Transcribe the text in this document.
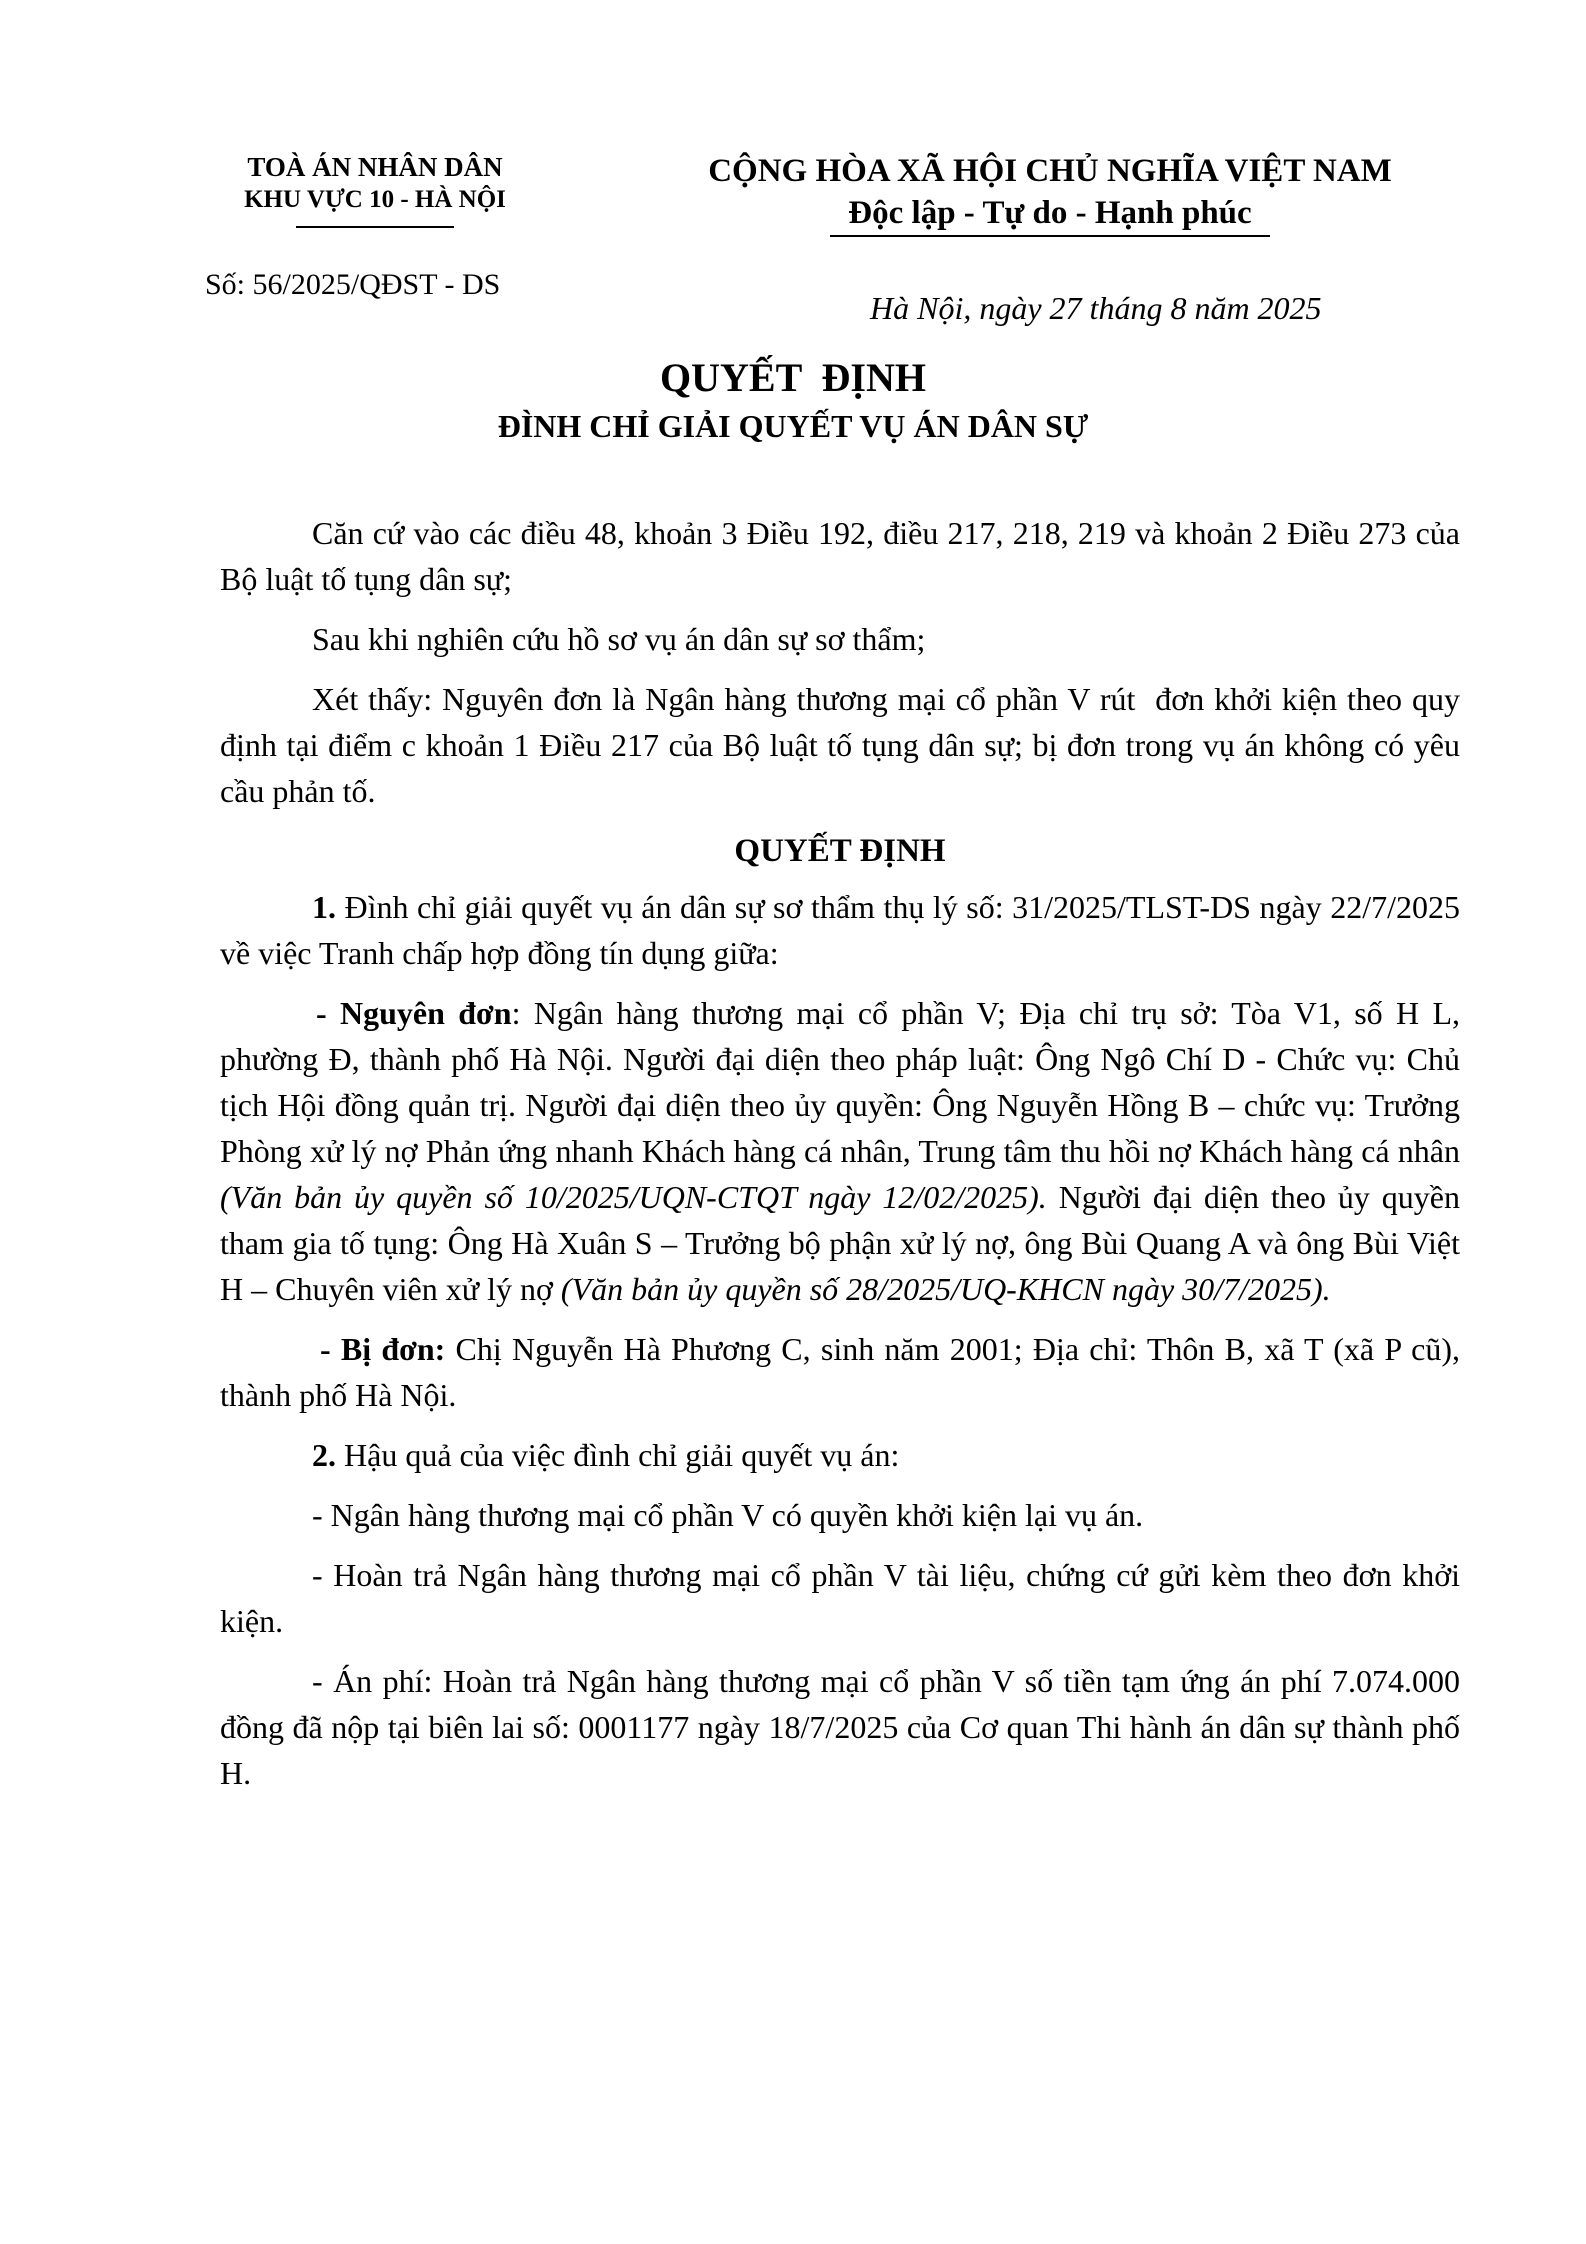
TOÀ ÁN NHÂN DÂN
KHU VỰC 10 - HÀ NỘI
Số: 56/2025/QĐST - DS
CỘNG HÒA XÃ HỘI CHỦ NGHĨA VIỆT NAM
Độc lập - Tự do - Hạnh phúc
Hà Nội, ngày 27 tháng 8 năm 2025
QUYẾT  ĐỊNH
ĐÌNH CHỈ GIẢI QUYẾT VỤ ÁN DÂN SỰ

Căn cứ vào các điều 48, khoản 3 Điều 192, điều 217, 218, 219 và khoản 2 Điều 273 của Bộ luật tố tụng dân sự;

Sau khi nghiên cứu hồ sơ vụ án dân sự sơ thẩm;

Xét thấy: Nguyên đơn là Ngân hàng thương mại cổ phần V rút  đơn khởi kiện theo quy định tại điểm c khoản 1 Điều 217 của Bộ luật tố tụng dân sự; bị đơn trong vụ án không có yêu cầu phản tố.

QUYẾT ĐỊNH

1. Đình chỉ giải quyết vụ án dân sự sơ thẩm thụ lý số: 31/2025/TLST-DS ngày 22/7/2025 về việc Tranh chấp hợp đồng tín dụng giữa:

- Nguyên đơn: Ngân hàng thương mại cổ phần V; Địa chỉ trụ sở: Tòa V1, số H L, phường Đ, thành phố Hà Nội. Người đại diện theo pháp luật: Ông Ngô Chí D - Chức vụ: Chủ tịch Hội đồng quản trị. Người đại diện theo ủy quyền: Ông Nguyễn Hồng B – chức vụ: Trưởng Phòng xử lý nợ Phản ứng nhanh Khách hàng cá nhân, Trung tâm thu hồi nợ Khách hàng cá nhân (Văn bản ủy quyền số 10/2025/UQN-CTQT ngày 12/02/2025). Người đại diện theo ủy quyền tham gia tố tụng: Ông Hà Xuân S – Trưởng bộ phận xử lý nợ, ông Bùi Quang A và ông Bùi Việt H – Chuyên viên xử lý nợ (Văn bản ủy quyền số 28/2025/UQ-KHCN ngày 30/7/2025).

- Bị đơn: Chị Nguyễn Hà Phương C, sinh năm 2001; Địa chỉ: Thôn B, xã T (xã P cũ), thành phố Hà Nội.

2. Hậu quả của việc đình chỉ giải quyết vụ án:

- Ngân hàng thương mại cổ phần V có quyền khởi kiện lại vụ án.

- Hoàn trả Ngân hàng thương mại cổ phần V tài liệu, chứng cứ gửi kèm theo đơn khởi kiện.

- Án phí: Hoàn trả Ngân hàng thương mại cổ phần V số tiền tạm ứng án phí 7.074.000 đồng đã nộp tại biên lai số: 0001177 ngày 18/7/2025 của Cơ quan Thi hành án dân sự thành phố H.
